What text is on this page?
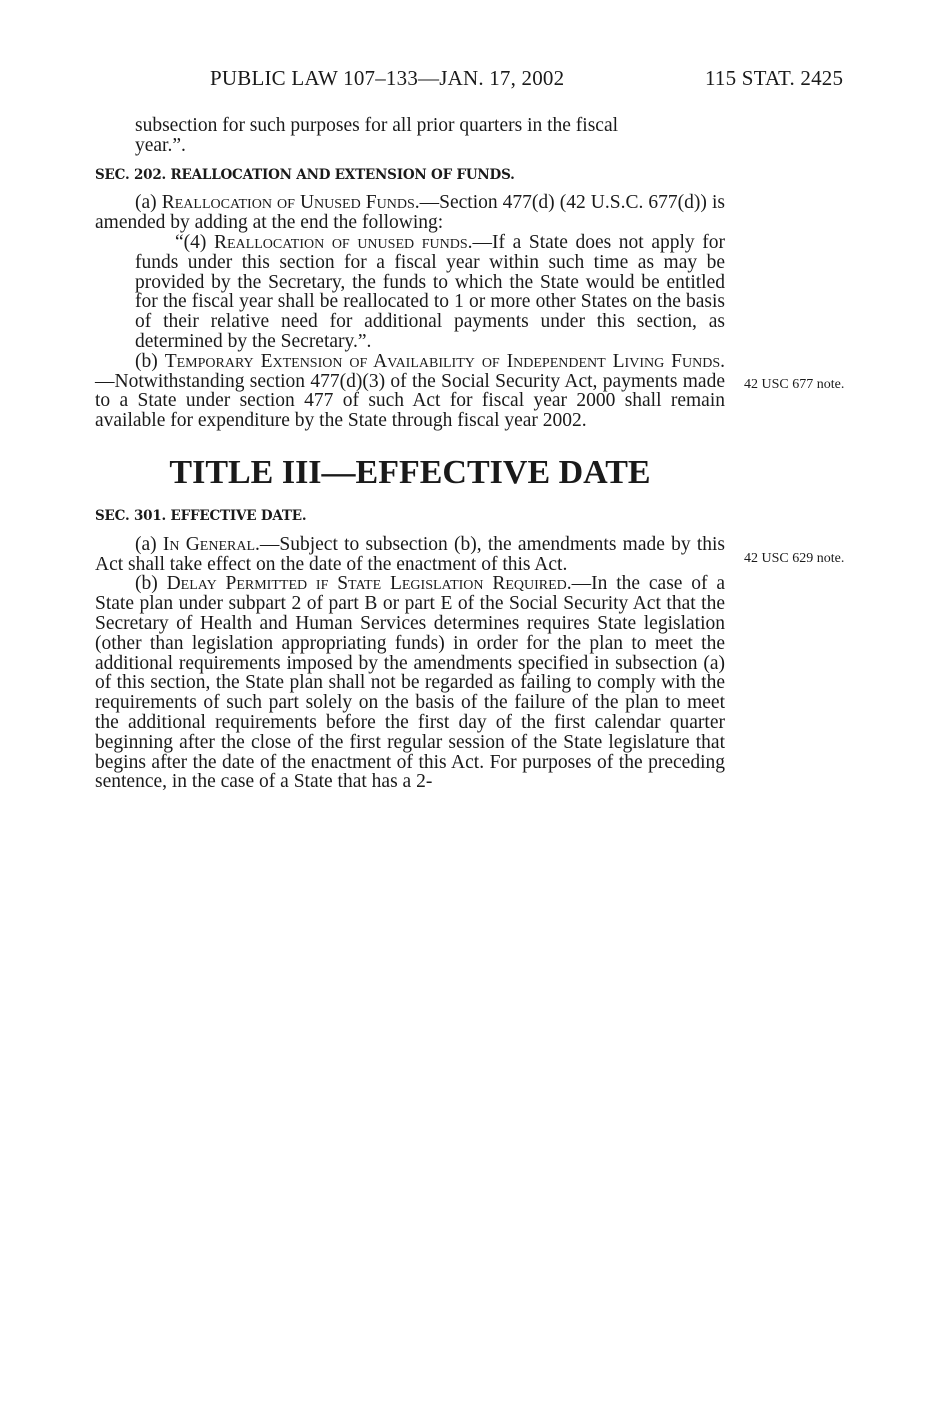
PUBLIC LAW 107–133—JAN. 17, 2002	115 STAT. 2425

subsection for such purposes for all prior quarters in the fiscal
year.”.

SEC. 202. REALLOCATION AND EXTENSION OF FUNDS.

(a) Reallocation of Unused Funds.—Section 477(d) (42 U.S.C. 677(d)) is amended by adding at the end the following:

“(4) Reallocation of unused funds.—If a State does not apply for funds under this section for a fiscal year within such time as may be provided by the Secretary, the funds to which the State would be entitled for the fiscal year shall be reallocated to 1 or more other States on the basis of their relative need for additional payments under this section, as determined by the Secretary.”.

(b) Temporary Extension of Availability of Independent Living Funds.—Notwithstanding section 477(d)(3) of the Social Security Act, payments made to a State under section 477 of such Act for fiscal year 2000 shall remain available for expenditure by the State through fiscal year 2002.

TITLE III—EFFECTIVE DATE
SEC. 301. EFFECTIVE DATE.

(a) In General.—Subject to subsection (b), the amendments made by this Act shall take effect on the date of the enactment of this Act.

(b) Delay Permitted if State Legislation Required.—In the case of a State plan under subpart 2 of part B or part E of the Social Security Act that the Secretary of Health and Human Services determines requires State legislation (other than legislation appropriating funds) in order for the plan to meet the additional requirements imposed by the amendments specified in subsection (a) of this section, the State plan shall not be regarded as failing to comply with the requirements of such part solely on the basis of the failure of the plan to meet the additional requirements before the first day of the first calendar quarter beginning after the close of the first regular session of the State legislature that begins after the date of the enactment of this Act. For purposes of the preceding sentence, in the case of a State that has a 2-

42 USC 677 note.
42 USC 629 note.
